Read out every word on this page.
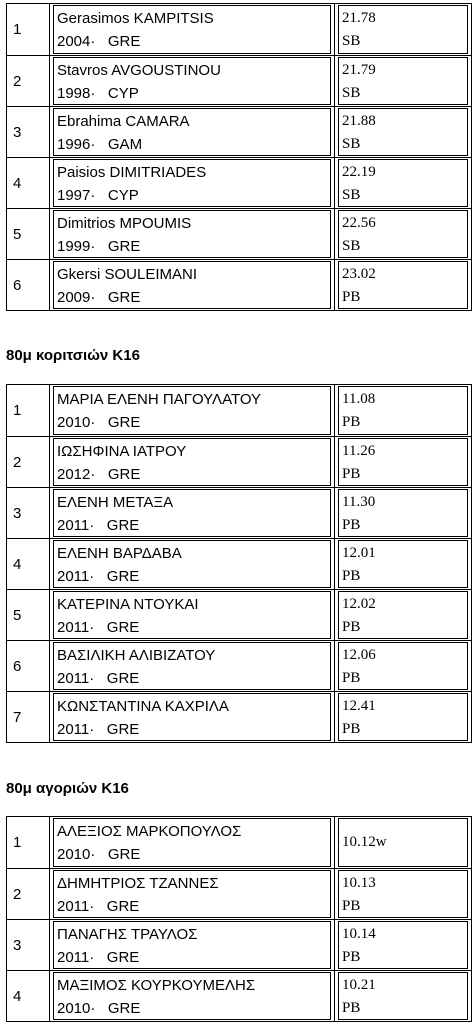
1
Gerasimos KAMPITSIS
2004· GRE
21.78
SB
2
Stavros AVGOUSTINOU
1998· CYP
21.79
SB
3
Ebrahima CAMARA
1996· GAM
21.88
SB
4
Paisios DIMITRIADES
1997· CYP
22.19
SB
5
Dimitrios MPOUMIS
1999· GRE
22.56
SB
6
Gkersi SOULEIMANI
2009· GRE
23.02
PB
80μ κοριτσιών Κ16
1
ΜΑΡΙΑ ΕΛΕΝΗ ΠΑΓΟΥΛΑΤΟΥ
2010· GRE
11.08
PB
2
ΙΩΣΗΦΙΝΑ ΙΑΤΡΟΥ
2012· GRE
11.26
PB
3
ΕΛΕΝΗ ΜΕΤΑΞΑ
2011· GRE
11.30
PB
4
ΕΛΕΝΗ ΒΑΡΔΑΒΑ
2011· GRE
12.01
PB
5
ΚΑΤΕΡΙΝΑ ΝΤΟΥΚΑΙ
2011· GRE
12.02
PB
6
ΒΑΣΙΛΙΚΗ ΑΛΙΒΙΖΑΤΟΥ
2011· GRE
12.06
PB
7
ΚΩΝΣΤΑΝΤΙΝΑ ΚΑΧΡΙΛΑ
2011· GRE
12.41
PB
80μ αγοριών Κ16
1
ΑΛΕΞΙΟΣ ΜΑΡΚΟΠΟΥΛΟΣ
2010· GRE
10.12w
2
ΔΗΜΗΤΡΙΟΣ ΤΖΑΝΝΕΣ
2011· GRE
10.13
PB
3
ΠΑΝΑΓΗΣ ΤΡΑΥΛΟΣ
2011· GRE
10.14
PB
4
ΜΑΞΙΜΟΣ ΚΟΥΡΚΟΥΜΕΛΗΣ
2010· GRE
10.21
PB
